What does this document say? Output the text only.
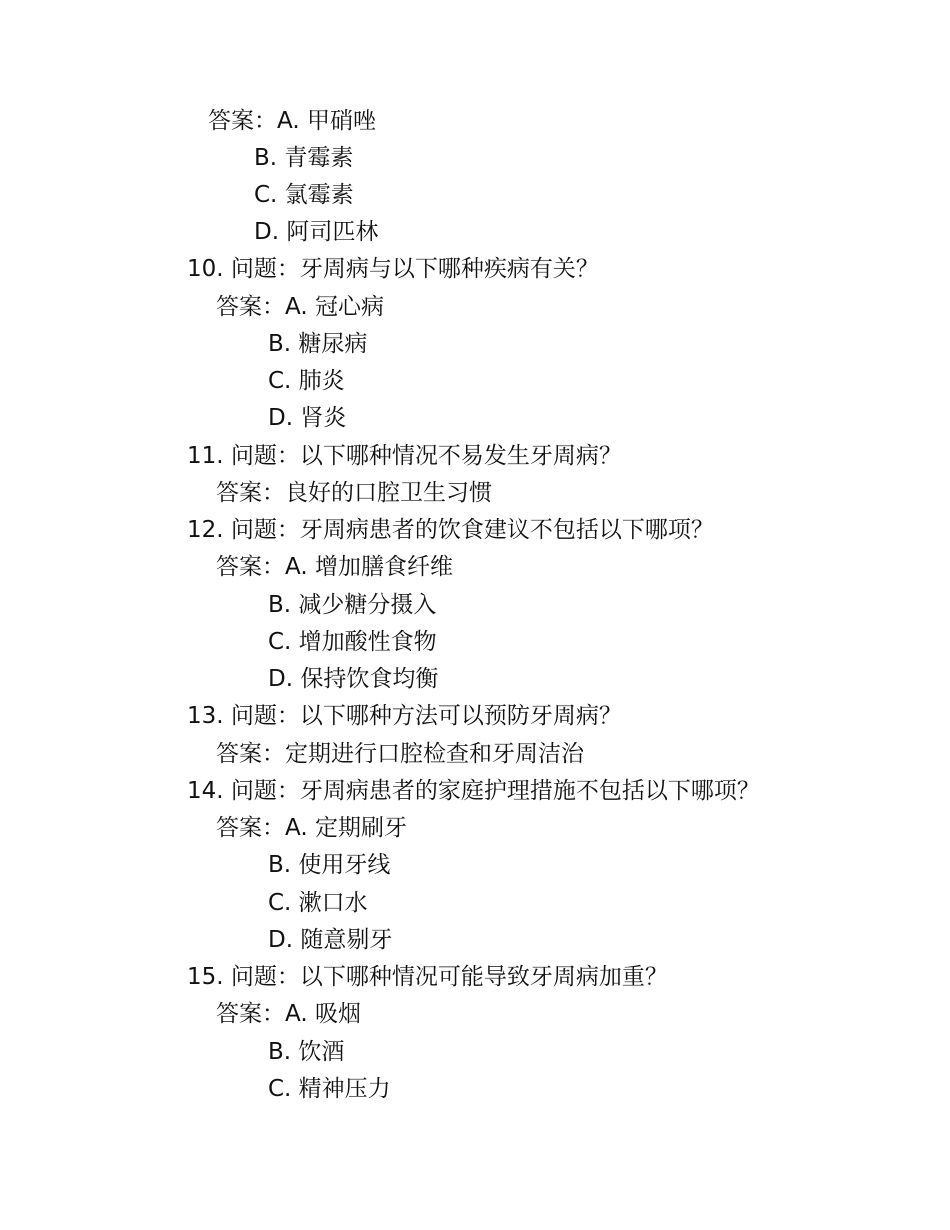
答案：A. 甲硝唑
B. 青霉素
C. 氯霉素
D. 阿司匹林
10. 问题：牙周病与以下哪种疾病有关？
答案：A. 冠心病
B. 糖尿病
C. 肺炎
D. 肾炎
11. 问题：以下哪种情况不易发生牙周病？
答案：良好的口腔卫生习惯
12. 问题：牙周病患者的饮食建议不包括以下哪项？
答案：A. 增加膳食纤维
B. 减少糖分摄入
C. 增加酸性食物
D. 保持饮食均衡
13. 问题：以下哪种方法可以预防牙周病？
答案：定期进行口腔检查和牙周洁治
14. 问题：牙周病患者的家庭护理措施不包括以下哪项？
答案：A. 定期刷牙
B. 使用牙线
C. 漱口水
D. 随意剔牙
15. 问题：以下哪种情况可能导致牙周病加重？
答案：A. 吸烟
B. 饮酒
C. 精神压力
